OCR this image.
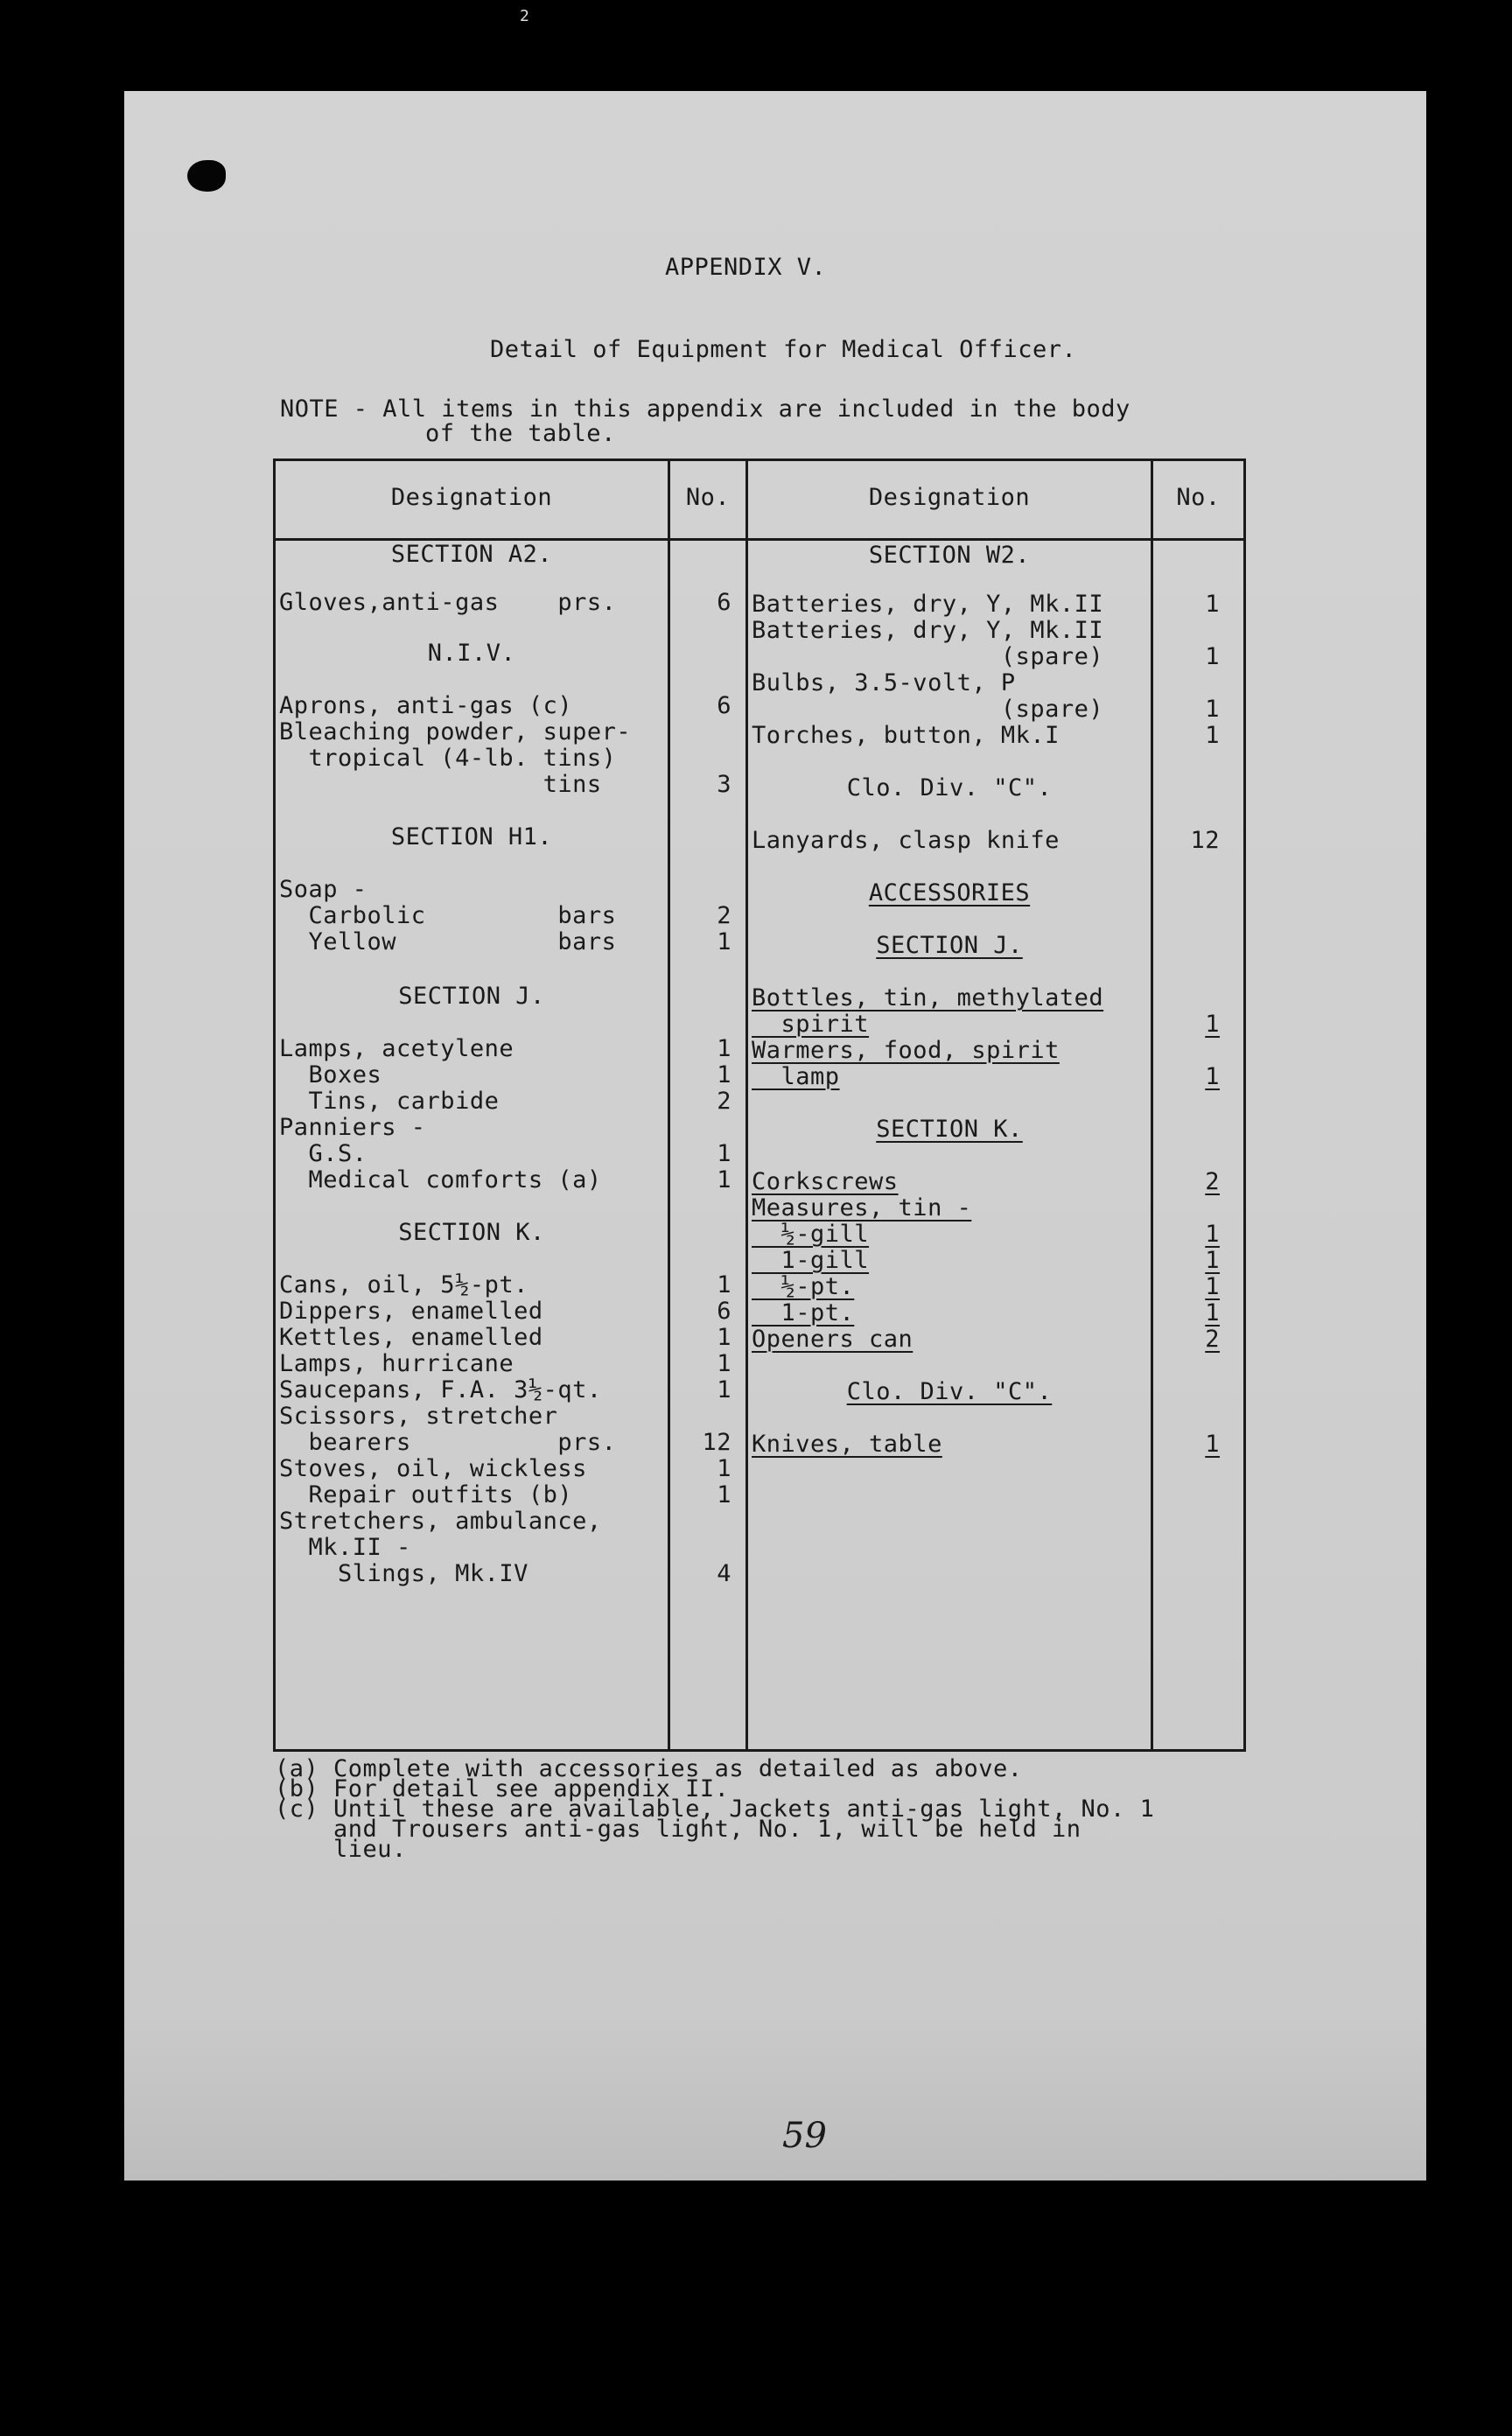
2
APPENDIX V.
Detail of Equipment for Medical Officer.
NOTE - All items in this appendix are included in the body
of the table.
Designation	No.	Designation	No.
SECTION A2.
Gloves,anti-gas    prs.	6
N.I.V.
Aprons, anti-gas (c)	6
Bleaching powder, super-
tropical (4-lb. tins)
tins	3
SECTION H1.
Soap -
Carbolic         bars	2
Yellow           bars	1
SECTION J.
Lamps, acetylene	1
Boxes	1
Tins, carbide	2
Panniers -
G.S.	1
Medical comforts (a)	1
SECTION K.
Cans, oil, 5½-pt.	1
Dippers, enamelled	6
Kettles, enamelled	1
Lamps, hurricane	1
Saucepans, F.A. 3½-qt.	1
Scissors, stretcher
bearers          prs.	12
Stoves, oil, wickless	1
Repair outfits (b)	1
Stretchers, ambulance,
Mk.II -
Slings, Mk.IV	4
SECTION W2.
Batteries, dry, Y, Mk.II	1
Batteries, dry, Y, Mk.II
(spare)	1
Bulbs, 3.5-volt, P
(spare)	1
Torches, button, Mk.I	1
Clo. Div. "C".
Lanyards, clasp knife	12
ACCESSORIES
SECTION J.
Bottles, tin, methylated
spirit	1
Warmers, food, spirit
lamp	1
SECTION K.
Corkscrews	2
Measures, tin -
½-gill	1
1-gill	1
½-pt.	1
1-pt.	1
Openers can	2
Clo. Div. "C".
Knives, table	1
(a) Complete with accessories as detailed as above.
(b) For detail see appendix II.
(c) Until these are available, Jackets anti-gas light, No. 1
and Trousers anti-gas light, No. 1, will be held in
lieu.
59
